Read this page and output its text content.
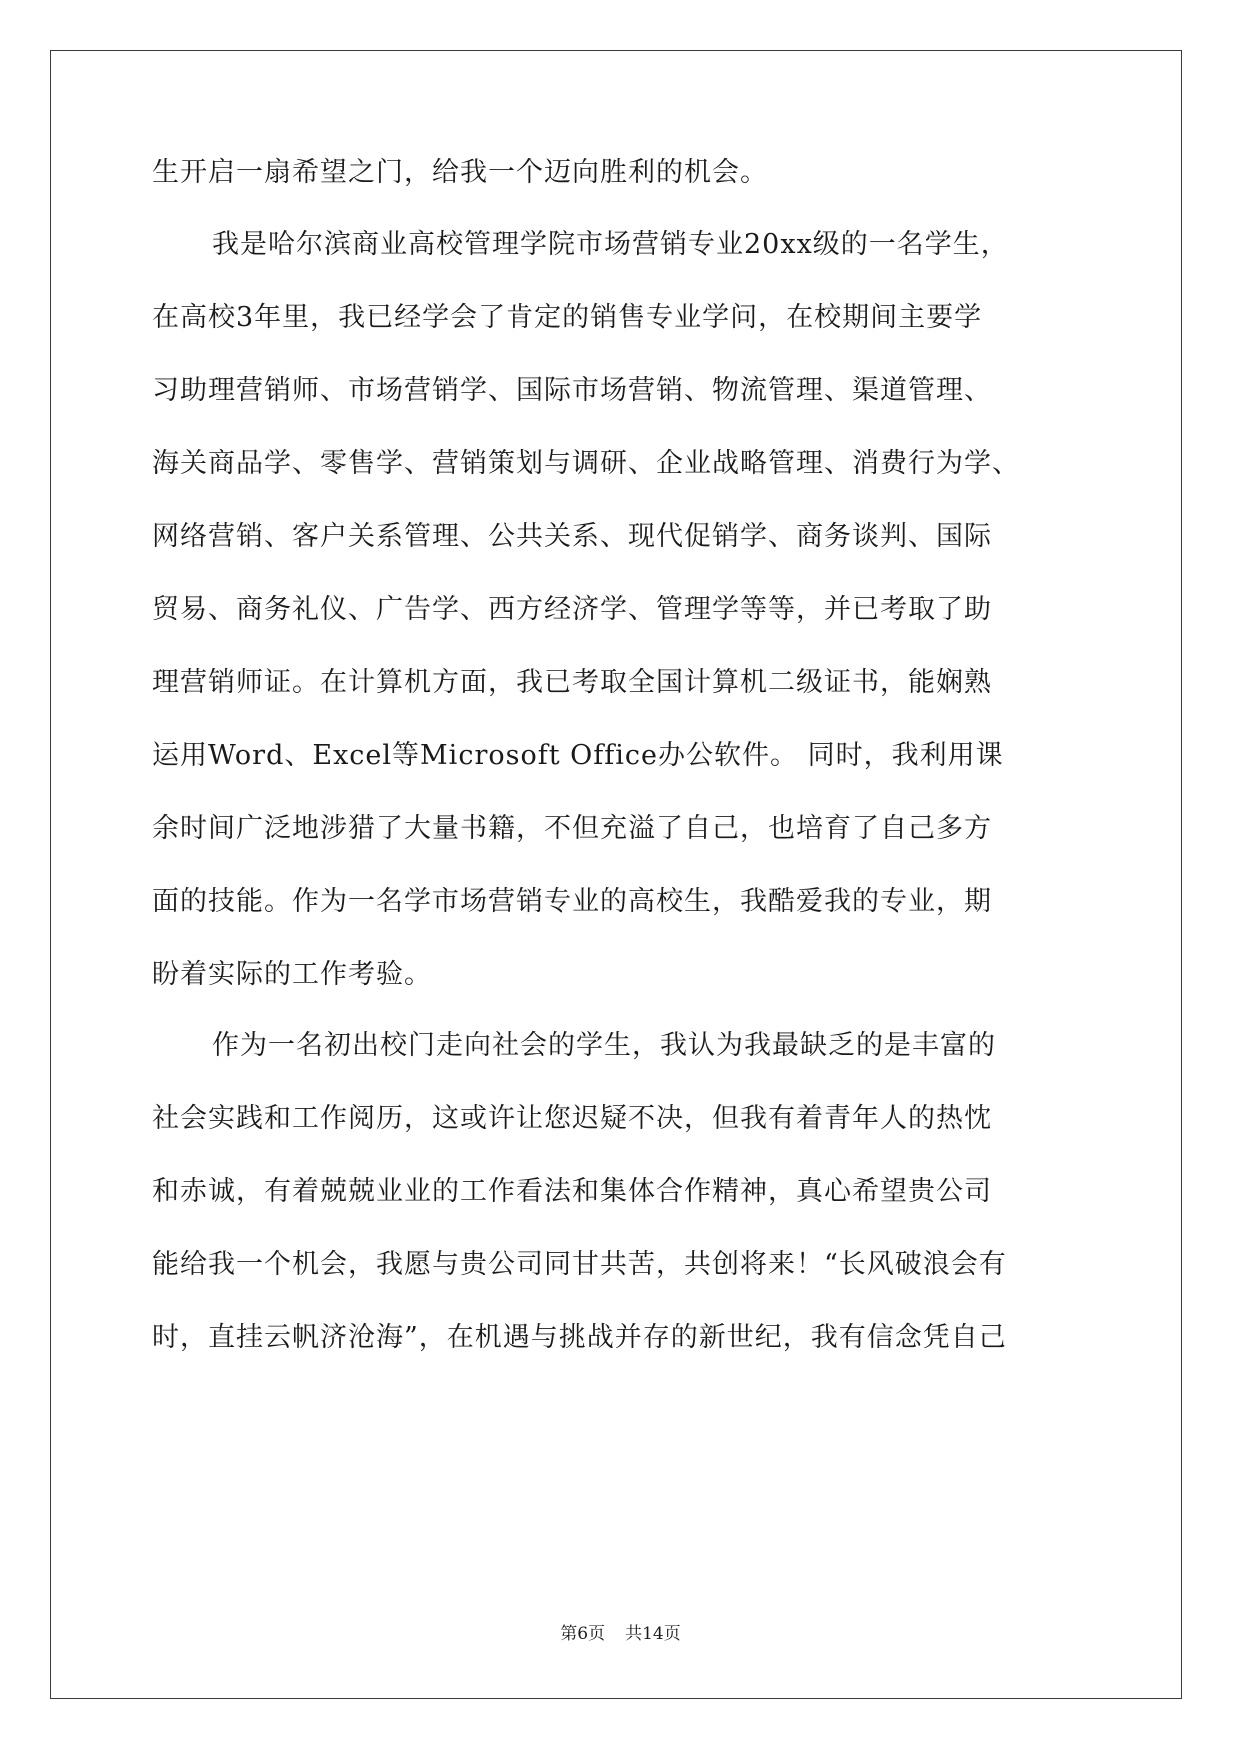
生开启一扇希望之门，给我一个迈向胜利的机会。
我是哈尔滨商业高校管理学院市场营销专业20xx级的一名学生，
在高校3年里，我已经学会了肯定的销售专业学问，在校期间主要学
习助理营销师、市场营销学、国际市场营销、物流管理、渠道管理、
海关商品学、零售学、营销策划与调研、企业战略管理、消费行为学、
网络营销、客户关系管理、公共关系、现代促销学、商务谈判、国际
贸易、商务礼仪、广告学、西方经济学、管理学等等，并已考取了助
理营销师证。在计算机方面，我已考取全国计算机二级证书，能娴熟
运用Word、Excel等Microsoft Office办公软件。 同时，我利用课
余时间广泛地涉猎了大量书籍，不但充溢了自己，也培育了自己多方
面的技能。作为一名学市场营销专业的高校生，我酷爱我的专业，期
盼着实际的工作考验。
作为一名初出校门走向社会的学生，我认为我最缺乏的是丰富的
社会实践和工作阅历，这或许让您迟疑不决，但我有着青年人的热忱
和赤诚，有着兢兢业业的工作看法和集体合作精神，真心希望贵公司
能给我一个机会，我愿与贵公司同甘共苦，共创将来！“长风破浪会有
时，直挂云帆济沧海”，在机遇与挑战并存的新世纪，我有信念凭自己
第6页 共14页
